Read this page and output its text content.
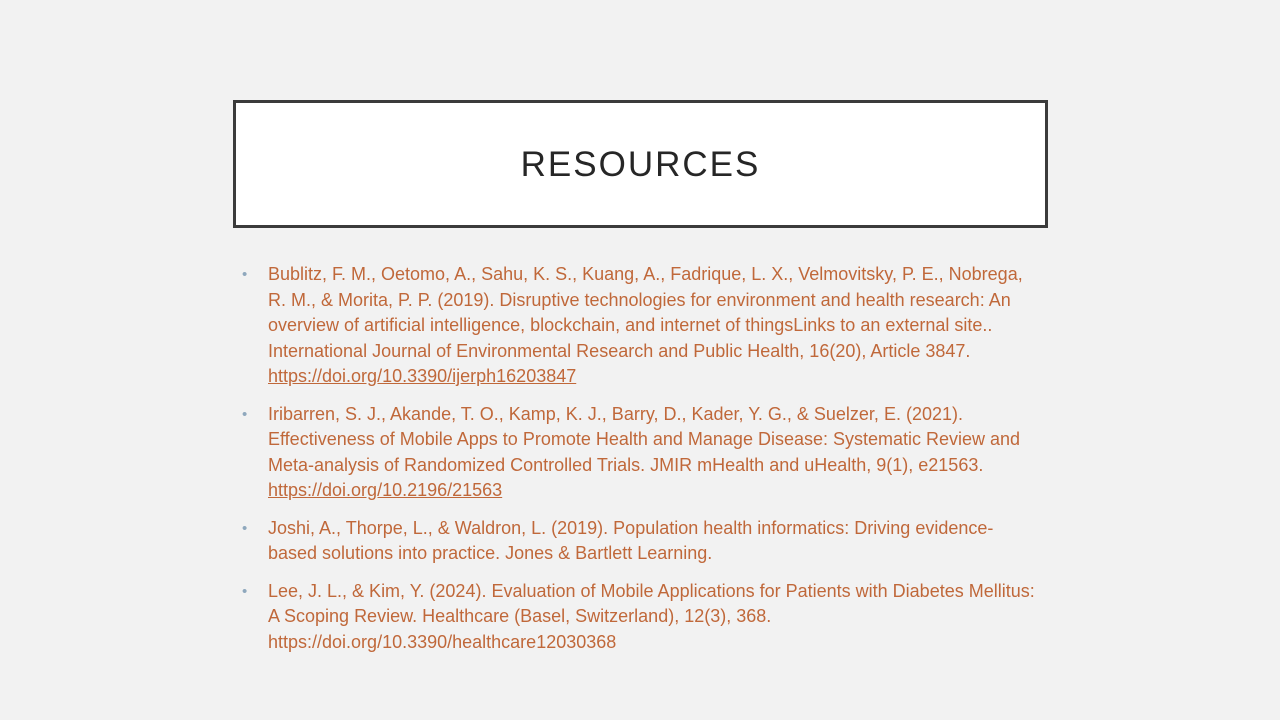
RESOURCES
• Bublitz, F. M., Oetomo, A., Sahu, K. S., Kuang, A., Fadrique, L. X., Velmovitsky, P. E., Nobrega, R. M., & Morita, P. P. (2019). Disruptive technologies for environment and health research: An overview of artificial intelligence, blockchain, and internet of thingsLinks to an external site.. International Journal of Environmental Research and Public Health, 16(20), Article 3847. https://doi.org/10.3390/ijerph16203847
• Iribarren, S. J., Akande, T. O., Kamp, K. J., Barry, D., Kader, Y. G., & Suelzer, E. (2021). Effectiveness of Mobile Apps to Promote Health and Manage Disease: Systematic Review and Meta-analysis of Randomized Controlled Trials. JMIR mHealth and uHealth, 9(1), e21563. https://doi.org/10.2196/21563
• Joshi, A., Thorpe, L., & Waldron, L. (2019). Population health informatics: Driving evidence-based solutions into practice. Jones & Bartlett Learning.
• Lee, J. L., & Kim, Y. (2024). Evaluation of Mobile Applications for Patients with Diabetes Mellitus: A Scoping Review. Healthcare (Basel, Switzerland), 12(3), 368. https://doi.org/10.3390/healthcare12030368
